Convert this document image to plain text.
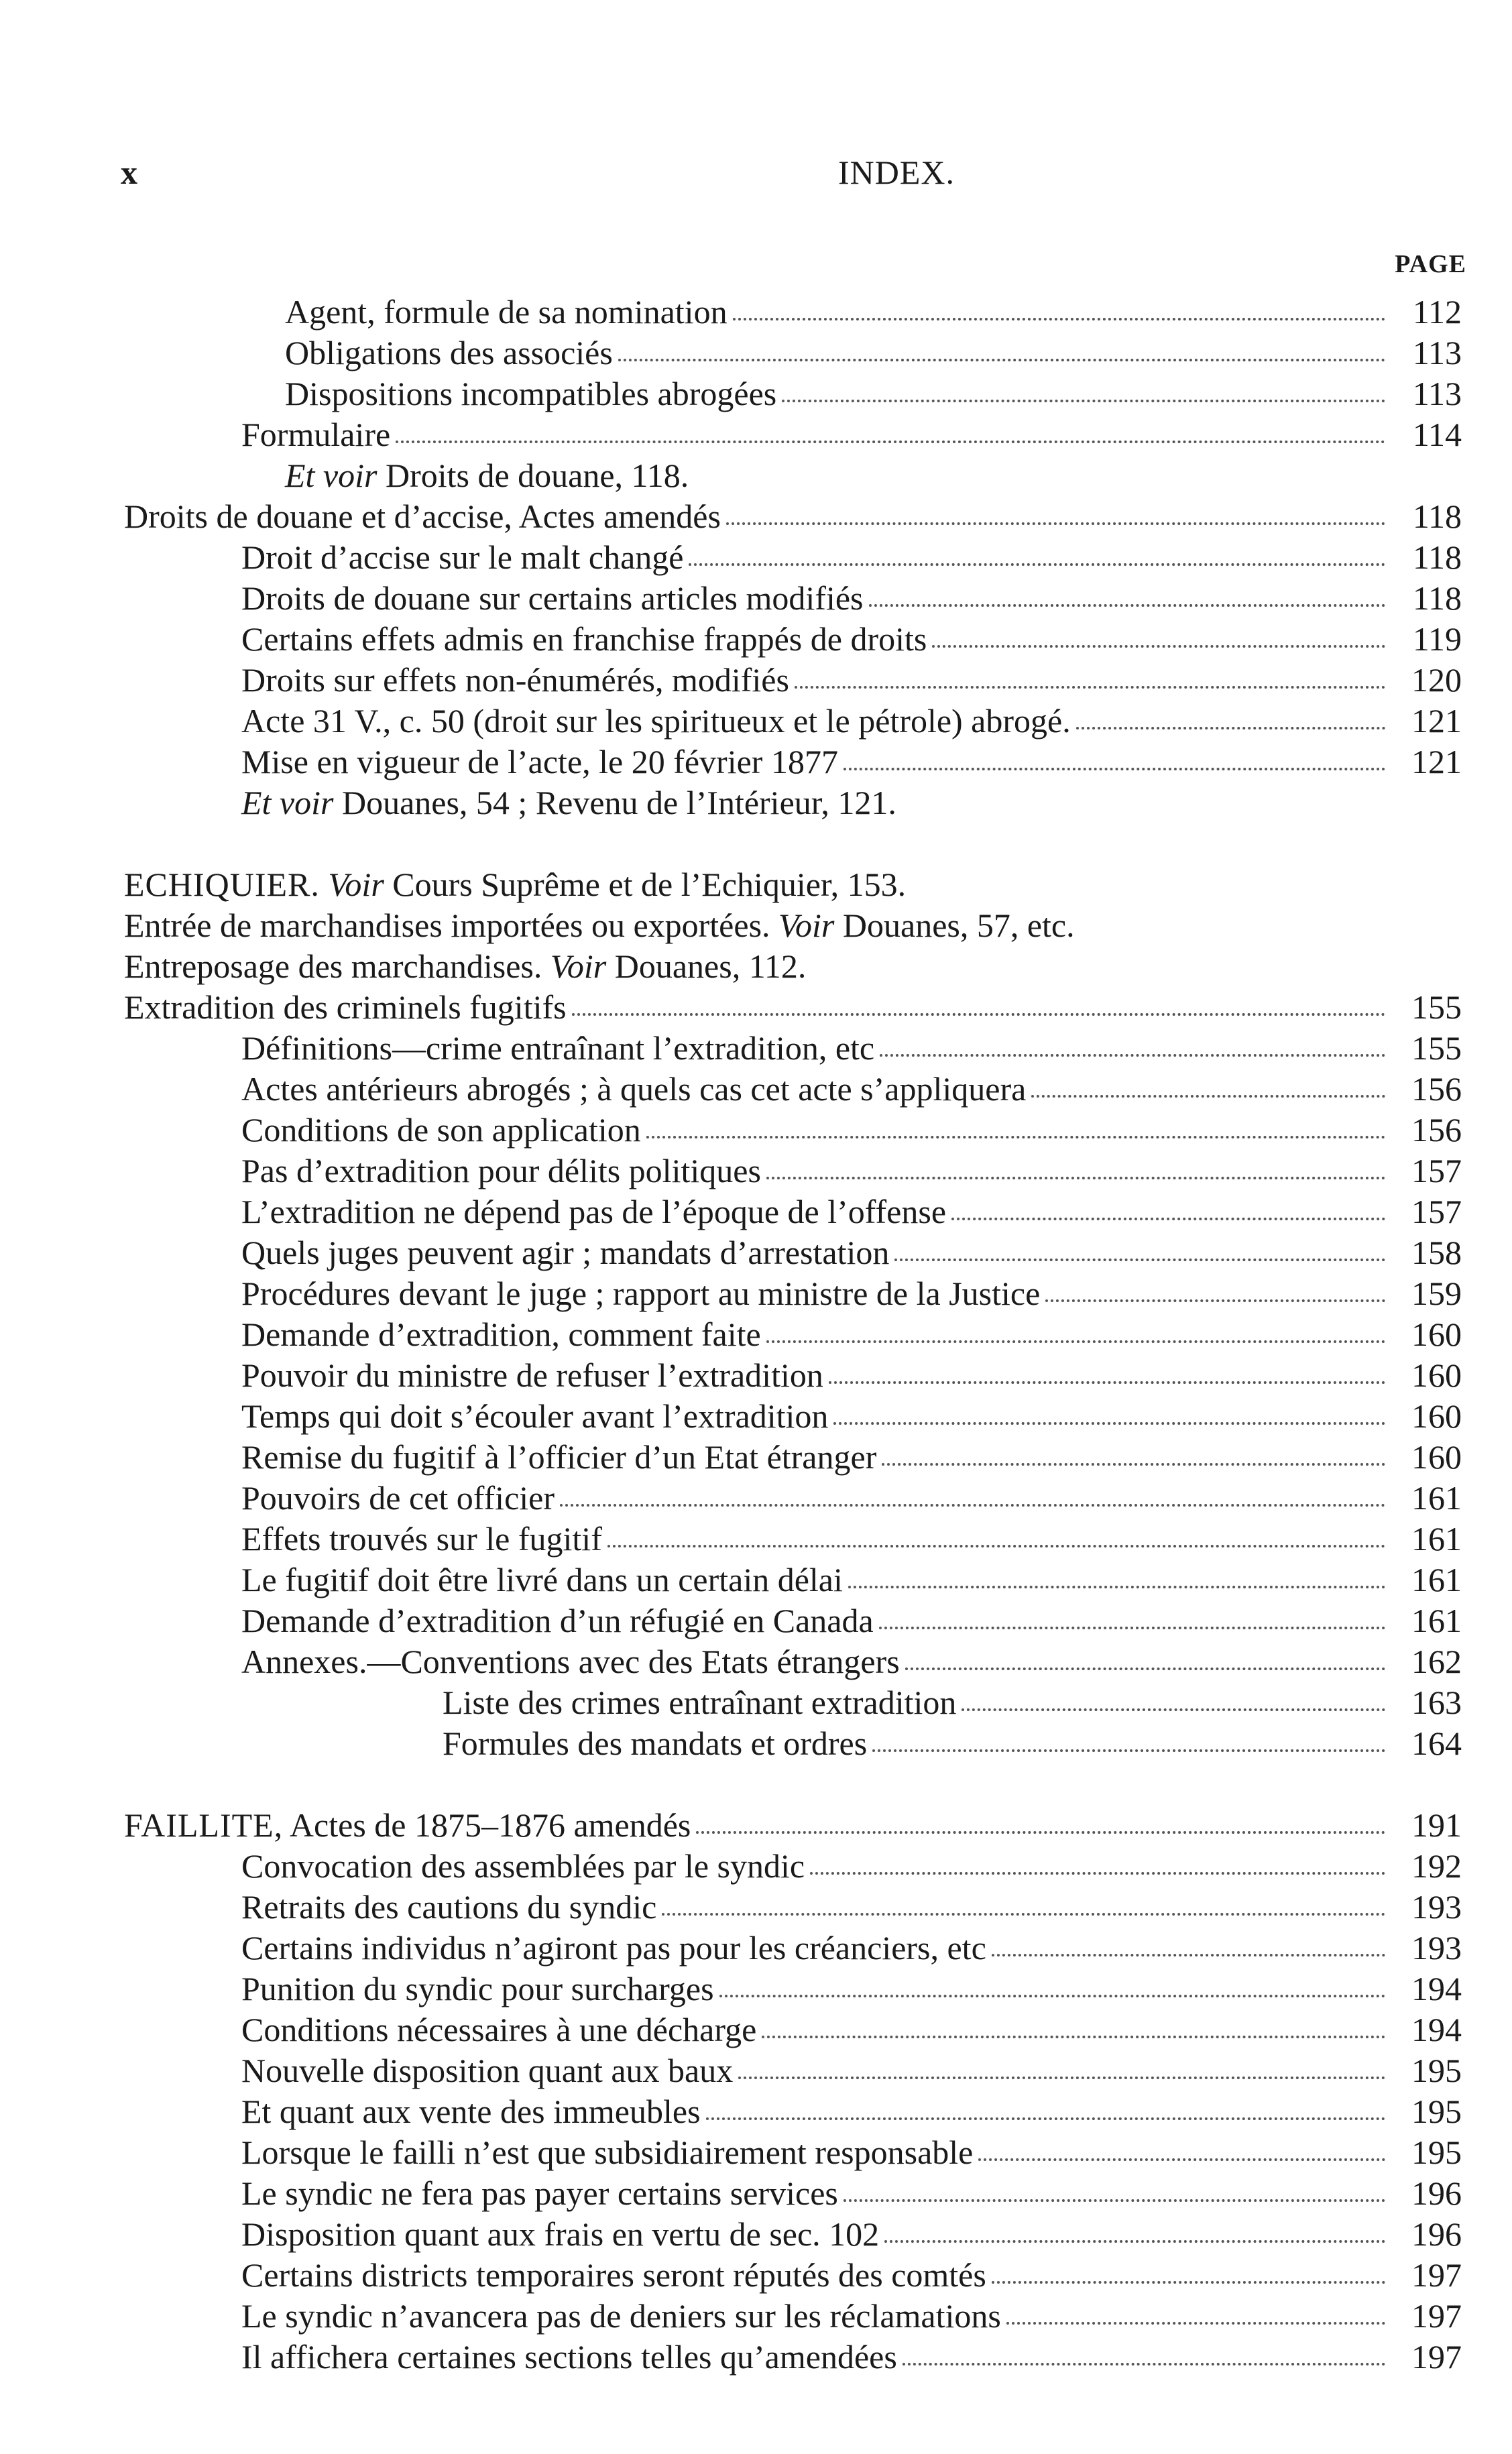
x	INDEX.
PAGE
Agent, formule de sa nomination	112
Obligations des associés	113
Dispositions incompatibles abrogées	113
Formulaire	114
Et voir Droits de douane, 118.
Droits de douane et d’accise, Actes amendés	118
Droit d’accise sur le malt changé	118
Droits de douane sur certains articles modifiés	118
Certains effets admis en franchise frappés de droits	119
Droits sur effets non-énumérés, modifiés	120
Acte 31 V., c. 50 (droit sur les spiritueux et le pétrole) abrogé.	121
Mise en vigueur de l’acte, le 20 février 1877	121
Et voir Douanes, 54 ; Revenu de l’Intérieur, 121.
ECHIQUIER. Voir Cours Suprême et de l’Echiquier, 153.
Entrée de marchandises importées ou exportées. Voir Douanes, 57, etc.
Entreposage des marchandises. Voir Douanes, 112.
Extradition des criminels fugitifs	155
Définitions—crime entraînant l’extradition, etc	155
Actes antérieurs abrogés ; à quels cas cet acte s’appliquera	156
Conditions de son application	156
Pas d’extradition pour délits politiques	157
L’extradition ne dépend pas de l’époque de l’offense	157
Quels juges peuvent agir ; mandats d’arrestation	158
Procédures devant le juge ; rapport au ministre de la Justice	159
Demande d’extradition, comment faite	160
Pouvoir du ministre de refuser l’extradition	160
Temps qui doit s’écouler avant l’extradition	160
Remise du fugitif à l’officier d’un Etat étranger	160
Pouvoirs de cet officier	161
Effets trouvés sur le fugitif	161
Le fugitif doit être livré dans un certain délai	161
Demande d’extradition d’un réfugié en Canada	161
Annexes.—Conventions avec des Etats étrangers	162
Liste des crimes entraînant extradition	163
Formules des mandats et ordres	164
FAILLITE, Actes de 1875–1876 amendés	191
Convocation des assemblées par le syndic	192
Retraits des cautions du syndic	193
Certains individus n’agiront pas pour les créanciers, etc	193
Punition du syndic pour surcharges	194
Conditions nécessaires à une décharge	194
Nouvelle disposition quant aux baux	195
Et quant aux vente des immeubles	195
Lorsque le failli n’est que subsidiairement responsable	195
Le syndic ne fera pas payer certains services	196
Disposition quant aux frais en vertu de sec. 102	196
Certains districts temporaires seront réputés des comtés	197
Le syndic n’avancera pas de deniers sur les réclamations	197
Il affichera certaines sections telles qu’amendées	197
